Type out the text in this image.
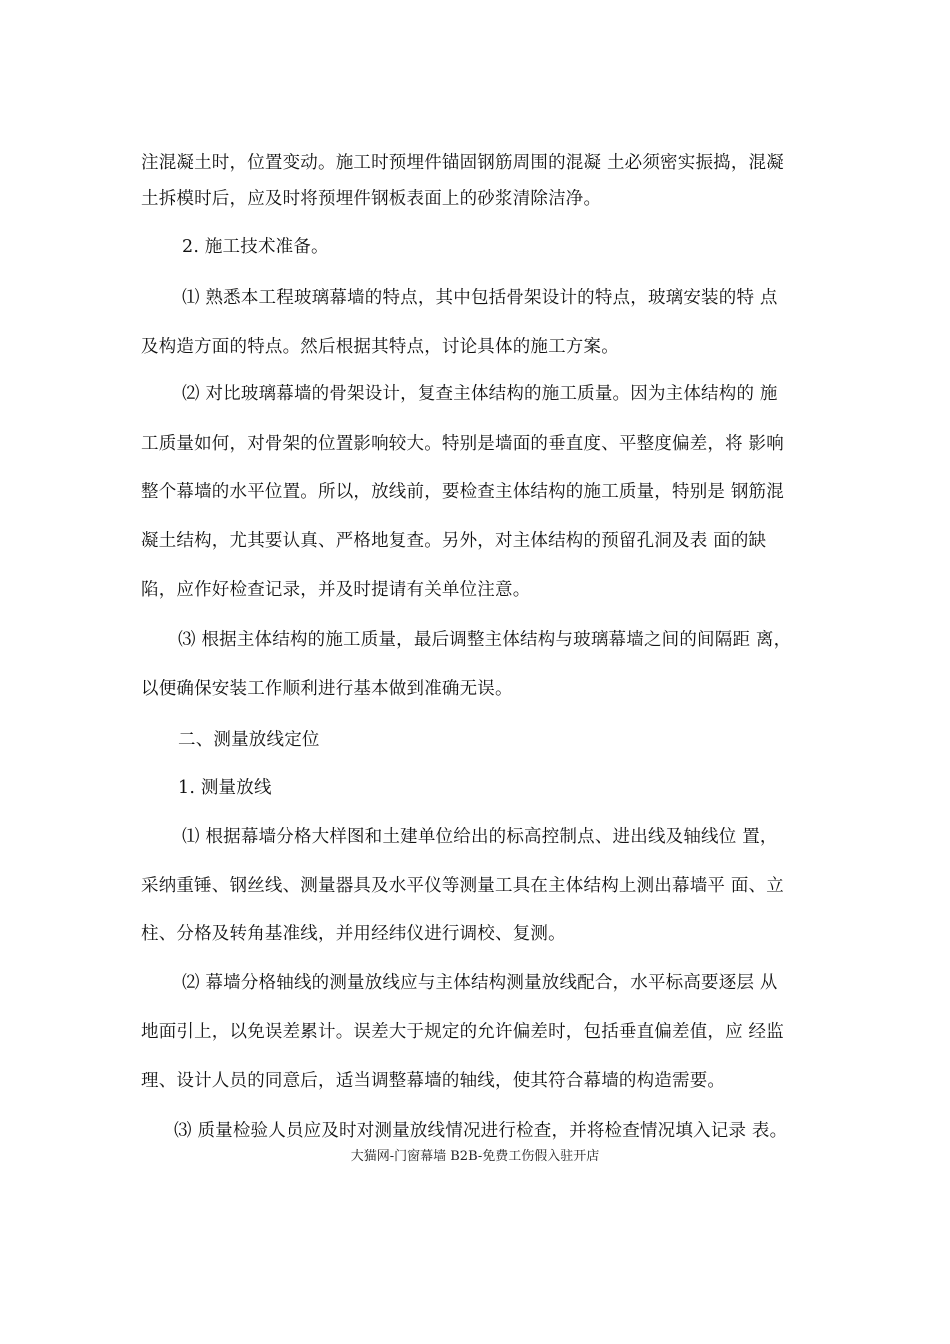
注混凝土时，位置变动。施工时预埋件锚固钢筋周围的混凝 土必须密实振捣，混凝
土拆模时后，应及时将预埋件钢板表面上的砂浆清除洁净。
2. 施工技术准备。
⑴ 熟悉本工程玻璃幕墙的特点，其中包括骨架设计的特点，玻璃安装的特 点
及构造方面的特点。然后根据其特点，讨论具体的施工方案。
⑵ 对比玻璃幕墙的骨架设计，复查主体结构的施工质量。因为主体结构的 施
工质量如何，对骨架的位置影响较大。特别是墙面的垂直度、平整度偏差，将 影响
整个幕墙的水平位置。所以，放线前，要检查主体结构的施工质量，特别是 钢筋混
凝土结构，尤其要认真、严格地复查。另外，对主体结构的预留孔洞及表 面的缺
陷，应作好检查记录，并及时提请有关单位注意。
⑶ 根据主体结构的施工质量，最后调整主体结构与玻璃幕墙之间的间隔距 离，
以便确保安装工作顺利进行基本做到准确无误。
二、测量放线定位
1. 测量放线
⑴ 根据幕墙分格大样图和土建单位给出的标高控制点、进出线及轴线位 置，
采纳重锤、钢丝线、测量器具及水平仪等测量工具在主体结构上测出幕墙平 面、立
柱、分格及转角基准线，并用经纬仪进行调校、复测。
⑵ 幕墙分格轴线的测量放线应与主体结构测量放线配合，水平标高要逐层 从
地面引上，以免误差累计。误差大于规定的允许偏差时，包括垂直偏差值，应 经监
理、设计人员的同意后，适当调整幕墙的轴线，使其符合幕墙的构造需要。
⑶ 质量检验人员应及时对测量放线情况进行检查，并将检查情况填入记录 表。
大猫网-门窗幕墙 B2B-免费工伤假入驻开店
